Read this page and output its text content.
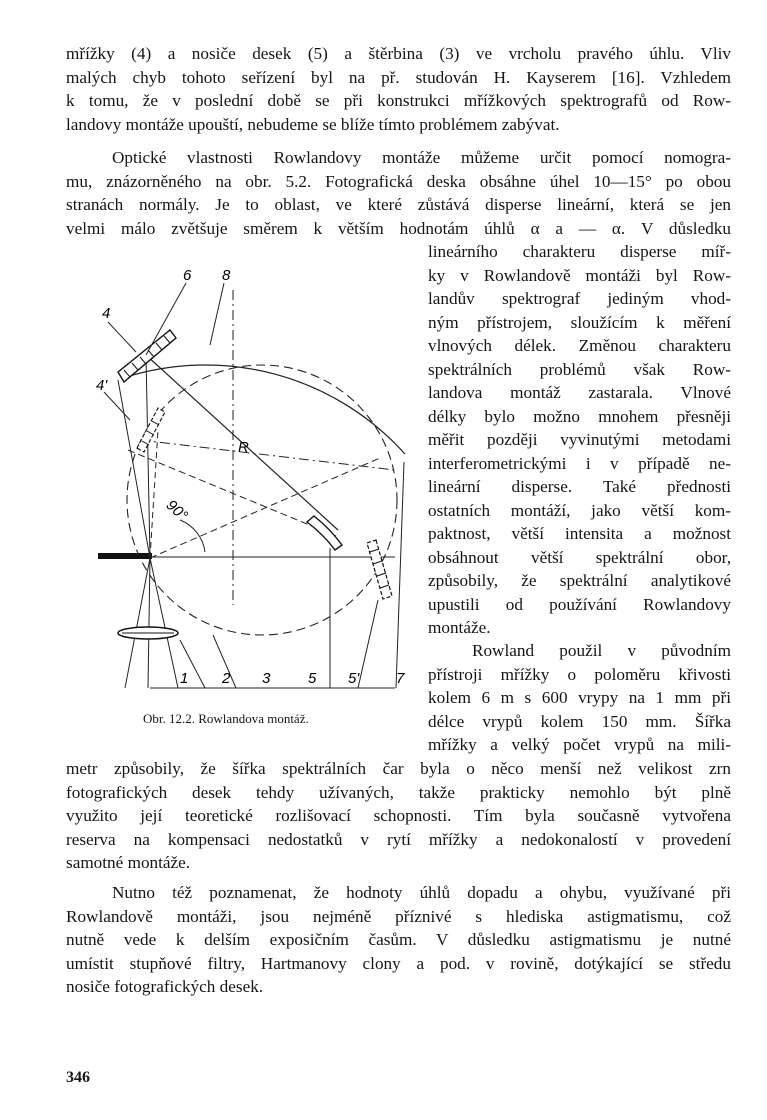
mřížky (4) a nosiče desek (5) a štěrbina (3) ve vrcholu pravého úhlu. Vliv
malých chyb tohoto seřízení byl na př. studován H. Kayserem [16]. Vzhledem
k tomu, že v poslední době se při konstrukci mřížkových spektrografů od Row-
landovy montáže upouští, nebudeme se blíže tímto problémem zabývat.
Optické vlastnosti Rowlandovy montáže můžeme určit pomocí nomogra-
mu, znázorněného na obr. 5.2. Fotografická deska obsáhne úhel 10—15° po obou
stranách normály. Je to oblast, ve které zůstává disperse lineární, která se jen
velmi málo zvětšuje směrem k větším hodnotám úhlů α a — α. V důsledku
lineárního charakteru disperse míř-
ky v Rowlandově montáži byl Row-
landův spektrograf jediným vhod-
ným přístrojem, sloužícím k měření
vlnových délek. Změnou charakteru
spektrálních problémů však Row-
landova montáž zastarala. Vlnové
délky bylo možno mnohem přesněji
měřit později vyvinutými metodami
interferometrickými i v případě ne-
lineární disperse. Také přednosti
ostatních montáží, jako větší kom-
paktnost, větší intensita a možnost
obsáhnout větší spektrální obor,
způsobily, že spektrální analytikové
upustili od používání Rowlandovy
montáže.
Rowland použil v původním
přístroji mřížky o poloměru křivosti
kolem 6 m s 600 vrypy na 1 mm při
délce vrypů kolem 150 mm. Šířka
mřížky a velký počet vrypů na mili-
metr způsobily, že šířka spektrálních čar byla o něco menší než velikost zrn
fotografických desek tehdy užívaných, takže prakticky nemohlo být plně
využito její teoretické rozlišovací schopnosti. Tím byla současně vytvořena
reserva na kompensaci nedostatků v rytí mřížky a nedokonalostí v provedení
samotné montáže.
Nutno též poznamenat, že hodnoty úhlů dopadu a ohybu, využívané při
Rowlandově montáži, jsou nejméně příznivé s hlediska astigmatismu, což
nutně vede k delším exposičním časům. V důsledku astigmatismu je nutné
umístit stupňové filtry, Hartmanovy clony a pod. v rovině, dotýkající se středu
nosiče fotografických desek.
6 8
4
4'
R
90°
1 2 3	5 5' 7
Obr. 12.2. Rowlandova montáž.
346
